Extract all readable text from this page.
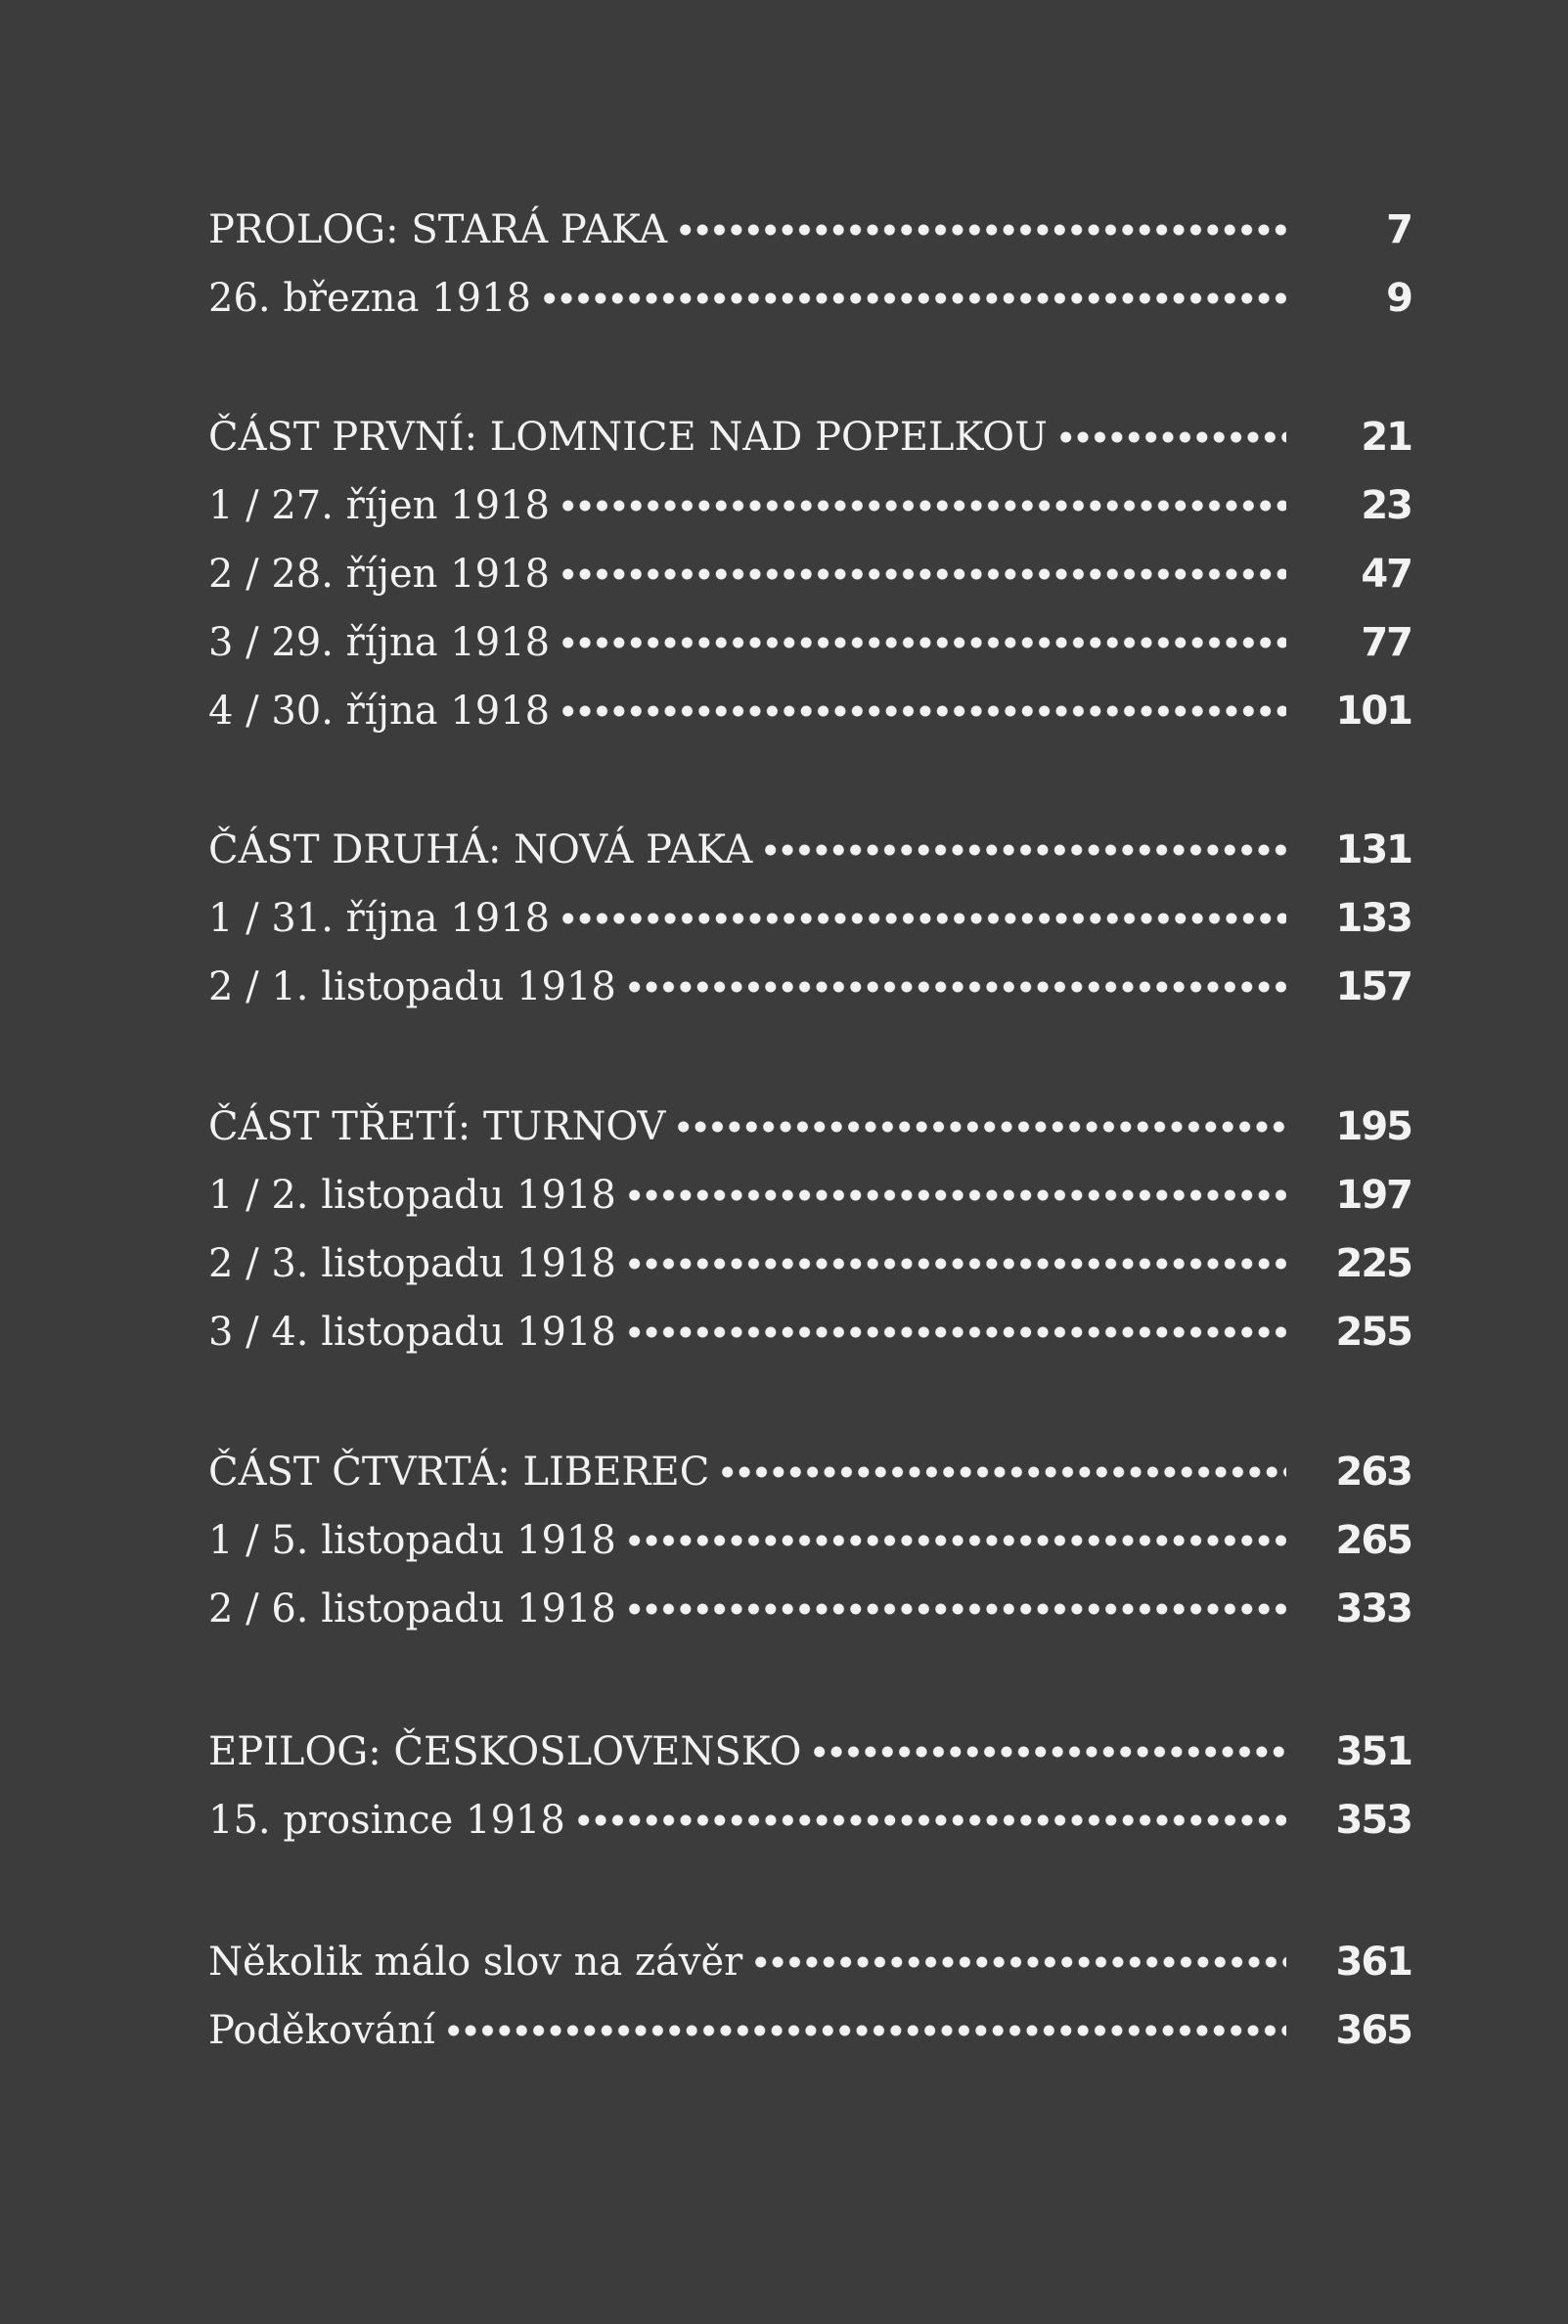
PROLOG: STARÁ PAKA	7
26. března 1918	9
ČÁST PRVNÍ: LOMNICE NAD POPELKOU	21
1 / 27. říjen 1918	23
2 / 28. říjen 1918	47
3 / 29. října 1918	77
4 / 30. října 1918	101
ČÁST DRUHÁ: NOVÁ PAKA	131
1 / 31. října 1918	133
2 / 1. listopadu 1918	157
ČÁST TŘETÍ: TURNOV	195
1 / 2. listopadu 1918	197
2 / 3. listopadu 1918	225
3 / 4. listopadu 1918	255
ČÁST ČTVRTÁ: LIBEREC	263
1 / 5. listopadu 1918	265
2 / 6. listopadu 1918	333
EPILOG: ČESKOSLOVENSKO	351
15. prosince 1918	353
Několik málo slov na závěr	361
Poděkování	365
